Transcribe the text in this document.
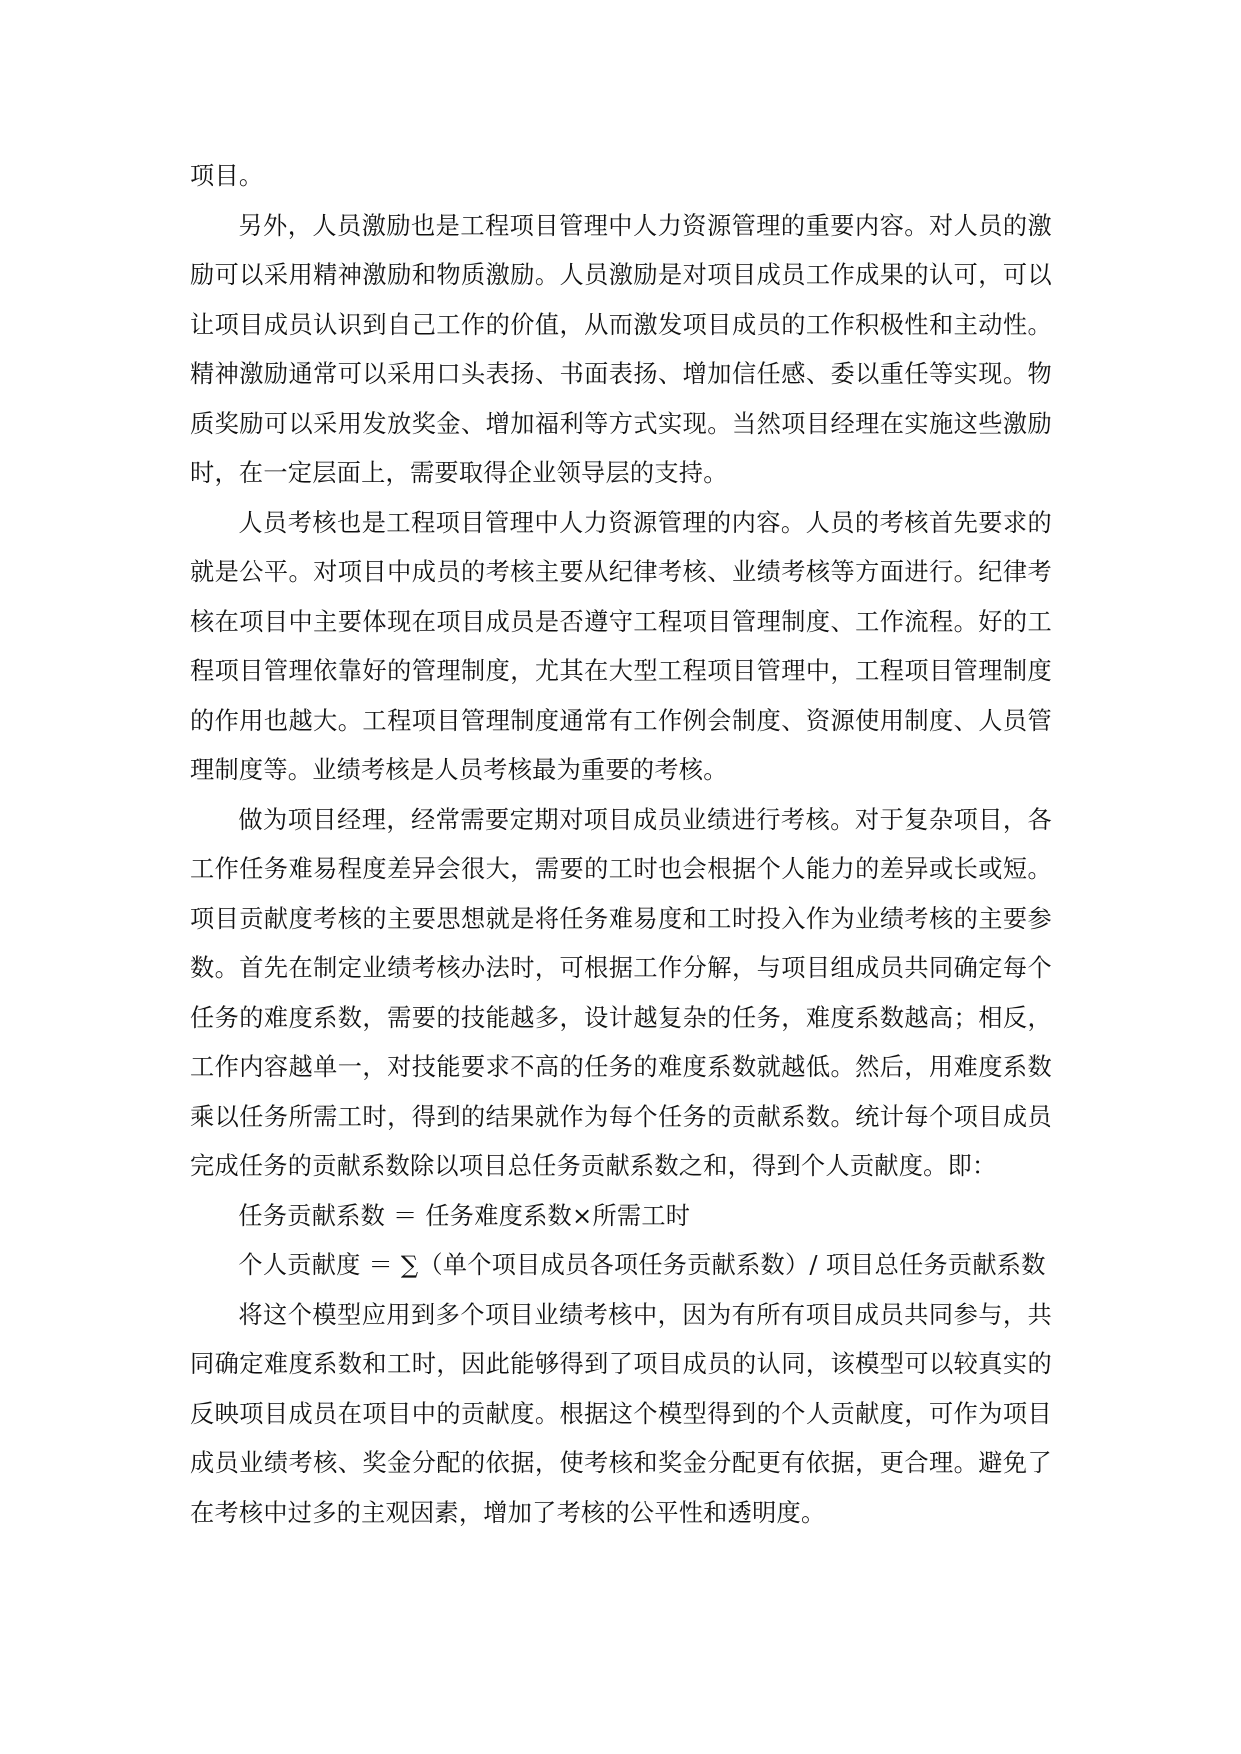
项目。

另外，人员激励也是工程项目管理中人力资源管理的重要内容。对人员的激励可以采用精神激励和物质激励。人员激励是对项目成员工作成果的认可，可以让项目成员认识到自己工作的价值，从而激发项目成员的工作积极性和主动性。精神激励通常可以采用口头表扬、书面表扬、增加信任感、委以重任等实现。物质奖励可以采用发放奖金、增加福利等方式实现。当然项目经理在实施这些激励时，在一定层面上，需要取得企业领导层的支持。

人员考核也是工程项目管理中人力资源管理的内容。人员的考核首先要求的就是公平。对项目中成员的考核主要从纪律考核、业绩考核等方面进行。纪律考核在项目中主要体现在项目成员是否遵守工程项目管理制度、工作流程。好的工程项目管理依靠好的管理制度，尤其在大型工程项目管理中，工程项目管理制度的作用也越大。工程项目管理制度通常有工作例会制度、资源使用制度、人员管理制度等。业绩考核是人员考核最为重要的考核。

做为项目经理，经常需要定期对项目成员业绩进行考核。对于复杂项目，各工作任务难易程度差异会很大，需要的工时也会根据个人能力的差异或长或短。项目贡献度考核的主要思想就是将任务难易度和工时投入作为业绩考核的主要参数。首先在制定业绩考核办法时，可根据工作分解，与项目组成员共同确定每个任务的难度系数，需要的技能越多，设计越复杂的任务，难度系数越高；相反，工作内容越单一，对技能要求不高的任务的难度系数就越低。然后，用难度系数乘以任务所需工时，得到的结果就作为每个任务的贡献系数。统计每个项目成员完成任务的贡献系数除以项目总任务贡献系数之和，得到个人贡献度。即：

任务贡献系数 ＝ 任务难度系数×所需工时

个人贡献度 ＝ ∑（单个项目成员各项任务贡献系数）/ 项目总任务贡献系数

将这个模型应用到多个项目业绩考核中，因为有所有项目成员共同参与，共同确定难度系数和工时，因此能够得到了项目成员的认同，该模型可以较真实的反映项目成员在项目中的贡献度。根据这个模型得到的个人贡献度，可作为项目成员业绩考核、奖金分配的依据，使考核和奖金分配更有依据，更合理。避免了在考核中过多的主观因素，增加了考核的公平性和透明度。
